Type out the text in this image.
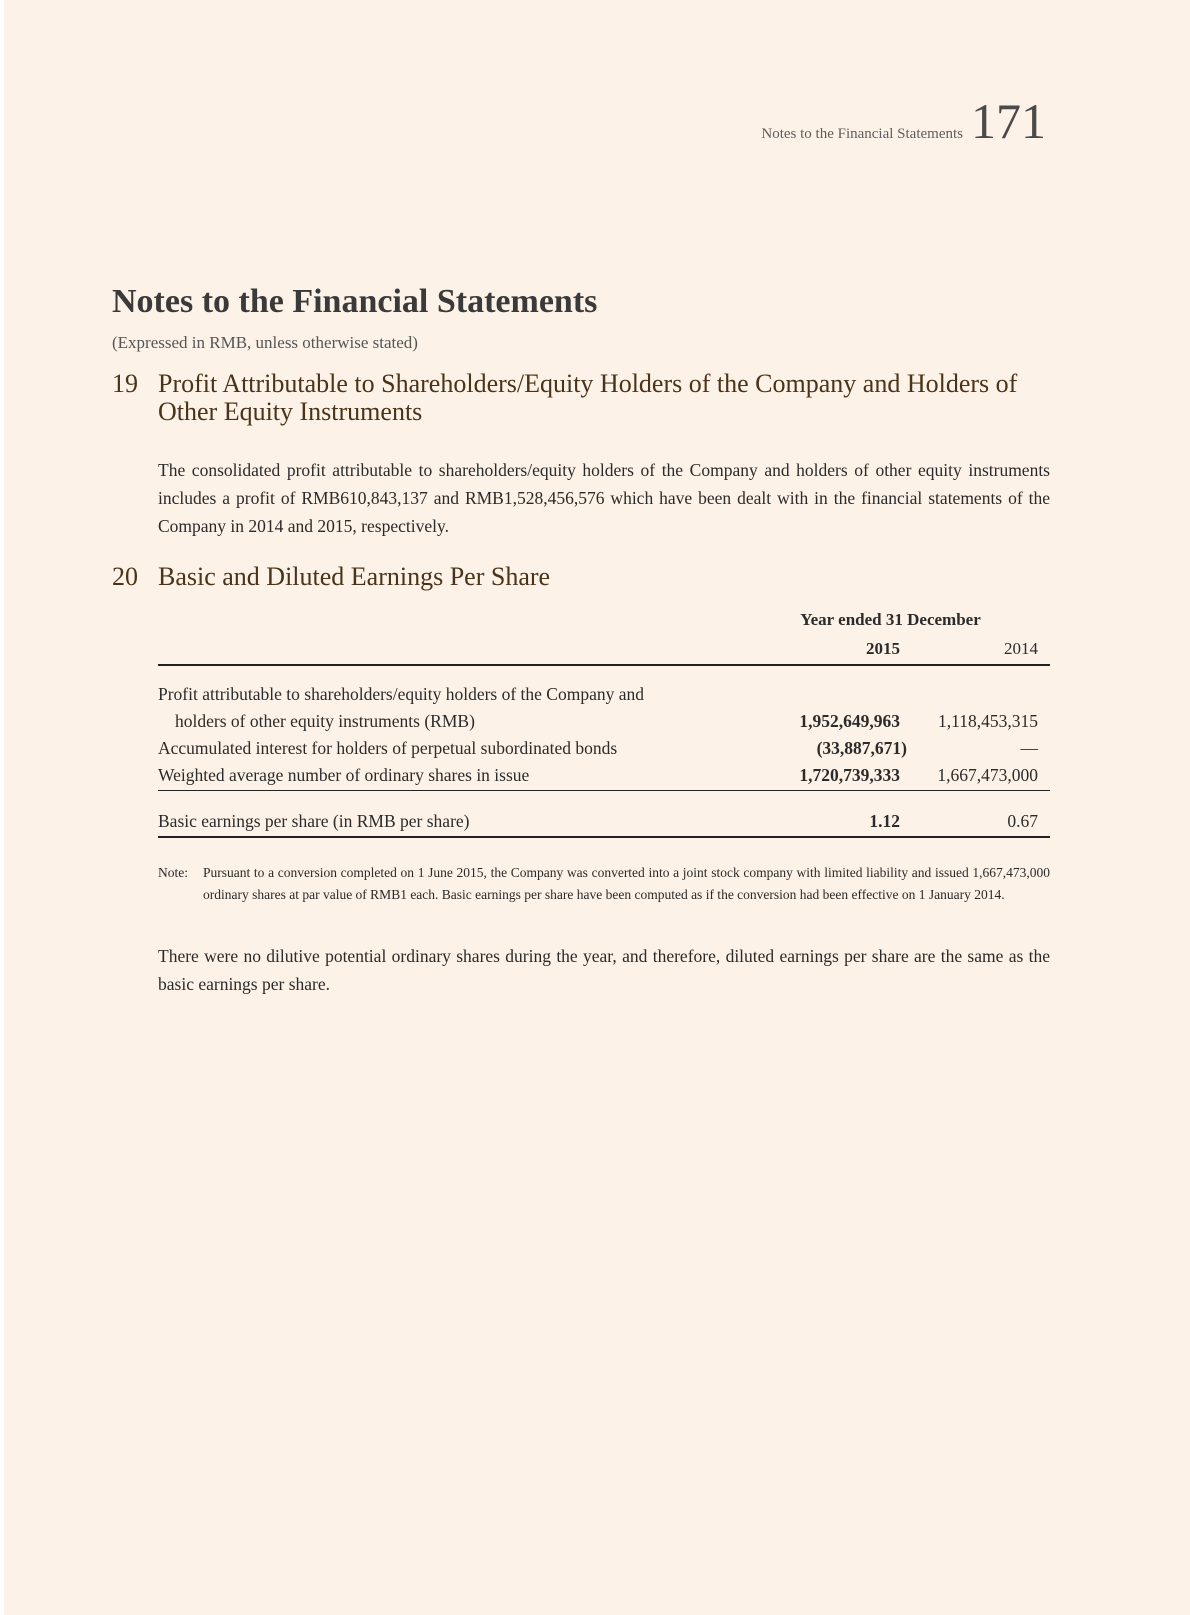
Notes to the Financial Statements 171
Notes to the Financial Statements
(Expressed in RMB, unless otherwise stated)
19 Profit Attributable to Shareholders/Equity Holders of the Company and Holders of Other Equity Instruments
The consolidated profit attributable to shareholders/equity holders of the Company and holders of other equity instruments includes a profit of RMB610,843,137 and RMB1,528,456,576 which have been dealt with in the financial statements of the Company in 2014 and 2015, respectively.
20 Basic and Diluted Earnings Per Share
Year ended 31 December
2015	2014
Profit attributable to shareholders/equity holders of the Company and
holders of other equity instruments (RMB)	1,952,649,963 1,118,453,315
Accumulated interest for holders of perpetual subordinated bonds	(33,887,671)	—
Weighted average number of ordinary shares in issue	1,720,739,333 1,667,473,000
Basic earnings per share (in RMB per share)	1.12	0.67
Note: Pursuant to a conversion completed on 1 June 2015, the Company was converted into a joint stock company with limited liability and issued 1,667,473,000 ordinary shares at par value of RMB1 each. Basic earnings per share have been computed as if the conversion had been effective on 1 January 2014.
There were no dilutive potential ordinary shares during the year, and therefore, diluted earnings per share are the same as the basic earnings per share.
